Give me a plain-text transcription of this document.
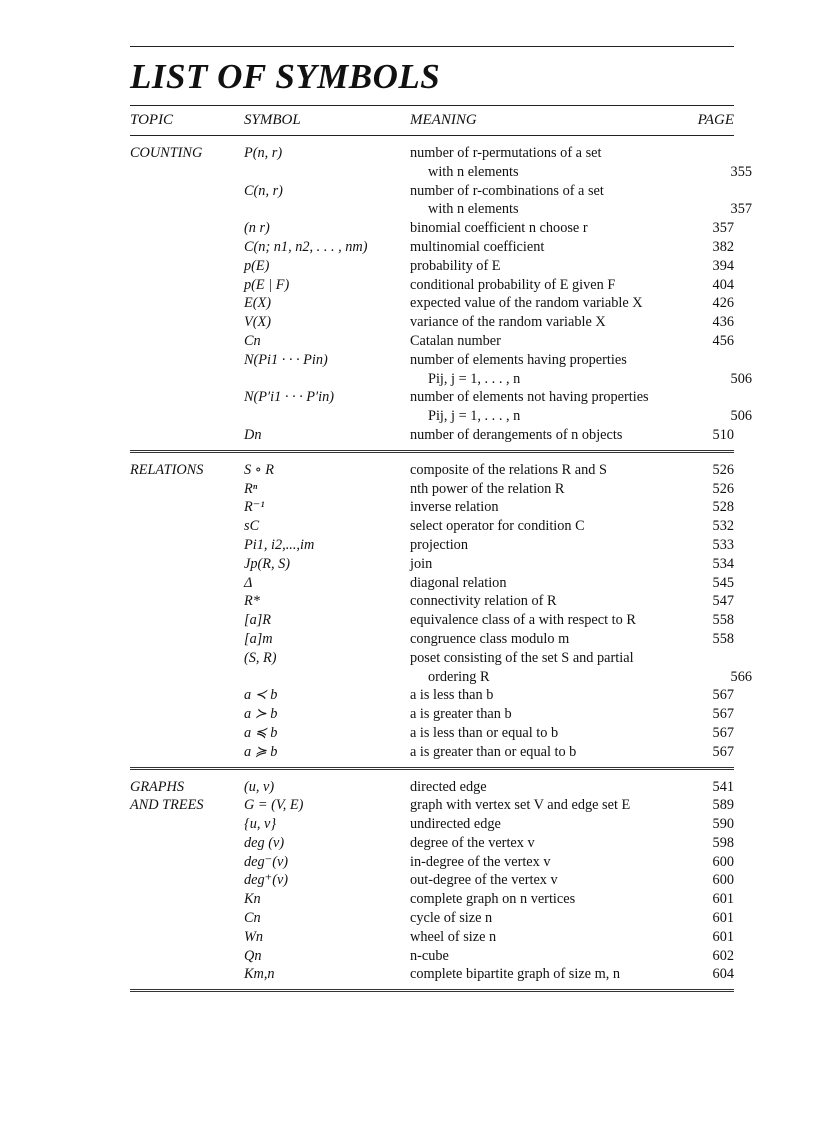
LIST OF SYMBOLS
TOPIC	SYMBOL	MEANING	PAGE
COUNTING	P(n, r)	number of r-permutations of a set
with n elements	355
C(n, r)	number of r-combinations of a set
with n elements	357
(n r)	binomial coefficient n choose r	357
C(n; n1, n2, . . . , nm)	multinomial coefficient	382
p(E)	probability of E	394
p(E | F)	conditional probability of E given F	404
E(X)	expected value of the random variable X	426
V(X)	variance of the random variable X	436
Cn	Catalan number	456
N(Pi1 · · · Pin)	number of elements having properties
Pij, j = 1, . . . , n	506
N(P′i1 · · · P′in)	number of elements not having properties
Pij, j = 1, . . . , n	506
Dn	number of derangements of n objects	510
RELATIONS	S ∘ R	composite of the relations R and S	526
Rⁿ	nth power of the relation R	526
R⁻¹	inverse relation	528
sC	select operator for condition C	532
Pi1, i2,...,im	projection	533
Jp(R, S)	join	534
Δ	diagonal relation	545
R*	connectivity relation of R	547
[a]R	equivalence class of a with respect to R	558
[a]m	congruence class modulo m	558
(S, R)	poset consisting of the set S and partial
ordering R	566
a ≺ b	a is less than b	567
a ≻ b	a is greater than b	567
a ≼ b	a is less than or equal to b	567
a ≽ b	a is greater than or equal to b	567
GRAPHS	(u, v)	directed edge	541
AND TREES	G = (V, E)	graph with vertex set V and edge set E	589
{u, v}	undirected edge	590
deg (v)	degree of the vertex v	598
deg⁻(v)	in-degree of the vertex v	600
deg⁺(v)	out-degree of the vertex v	600
Kn	complete graph on n vertices	601
Cn	cycle of size n	601
Wn	wheel of size n	601
Qn	n-cube	602
Km,n	complete bipartite graph of size m, n	604
